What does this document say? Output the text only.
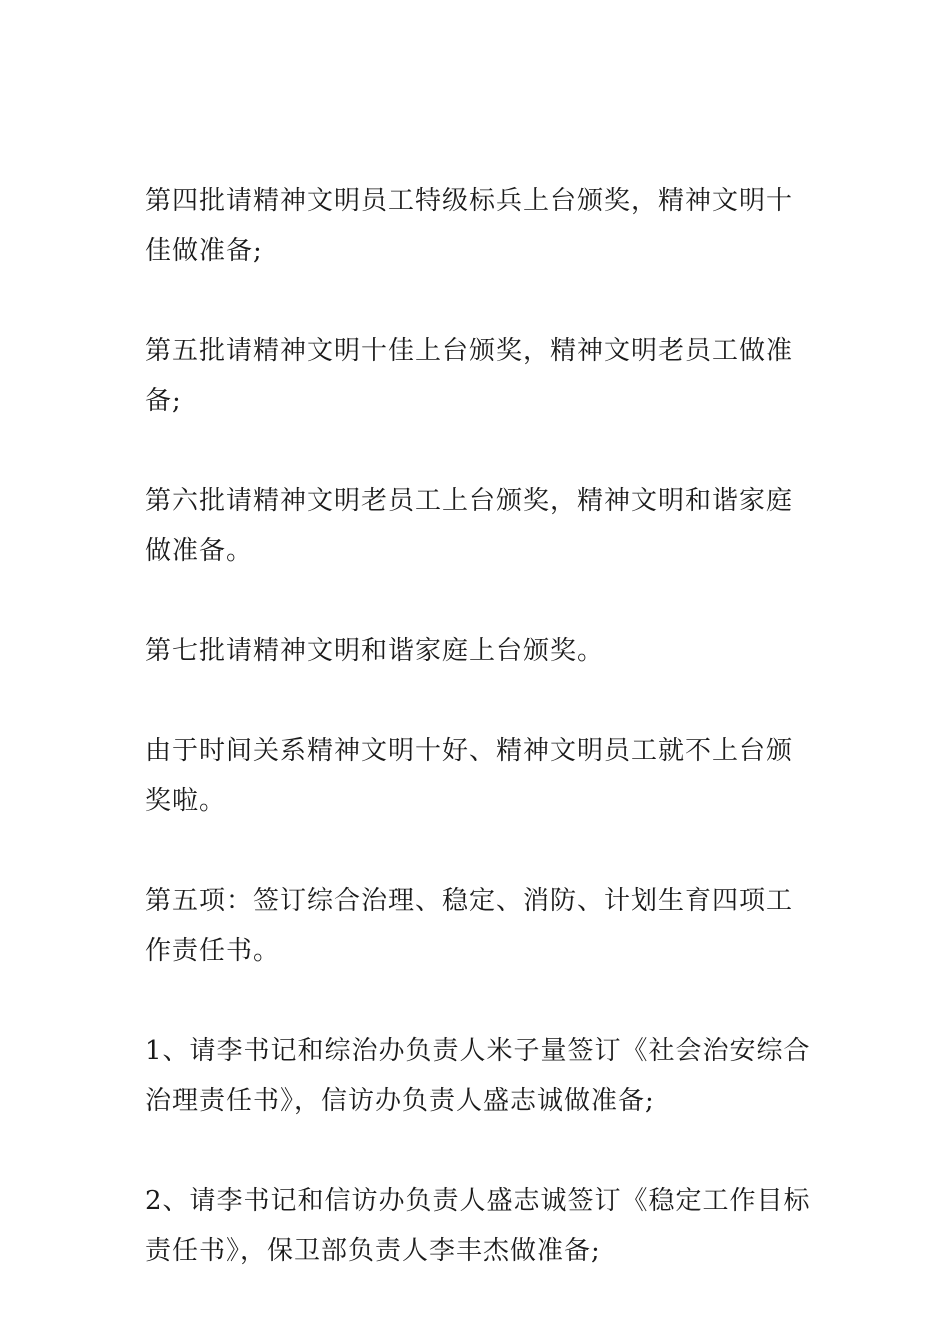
第四批请精神文明员工特级标兵上台颁奖，精神文明十佳做准备;

第五批请精神文明十佳上台颁奖，精神文明老员工做准备;

第六批请精神文明老员工上台颁奖，精神文明和谐家庭做准备。

第七批请精神文明和谐家庭上台颁奖。

由于时间关系精神文明十好、精神文明员工就不上台颁奖啦。

第五项：签订综合治理、稳定、消防、计划生育四项工作责任书。

1、请李书记和综治办负责人米子量签订《社会治安综合治理责任书》，信访办负责人盛志诚做准备;

2、请李书记和信访办负责人盛志诚签订《稳定工作目标责任书》，保卫部负责人李丰杰做准备;
